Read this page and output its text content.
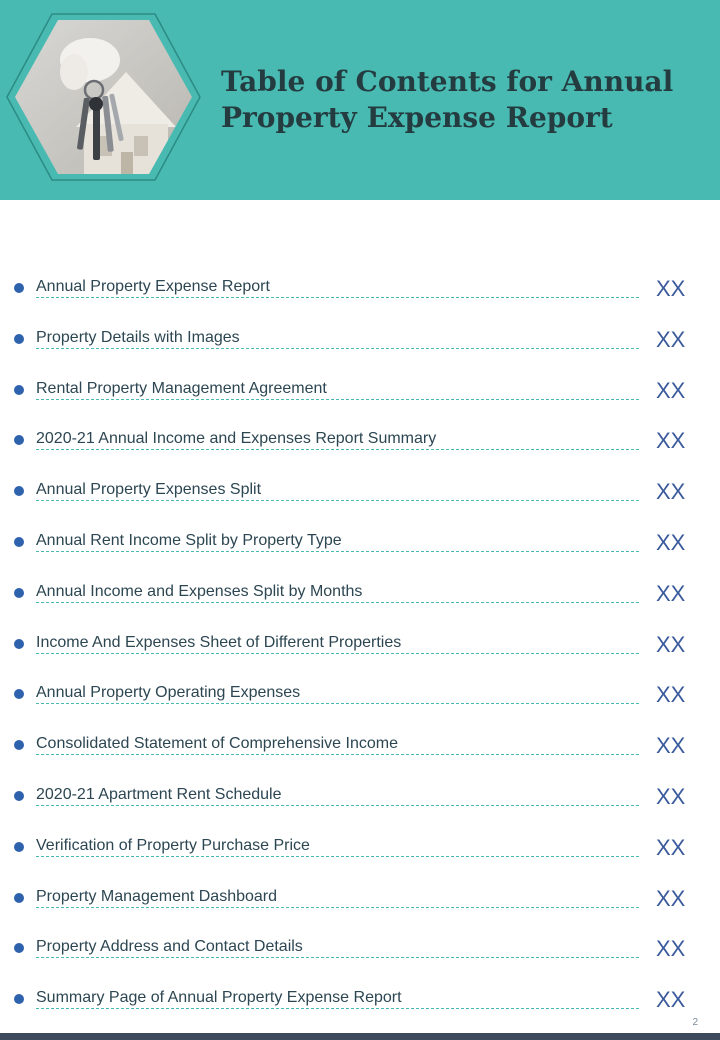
Table of Contents for Annual
Property Expense Report
Annual Property Expense Report	XX
Property Details with Images	XX
Rental Property Management Agreement	XX
2020-21 Annual Income and Expenses Report Summary	XX
Annual Property Expenses Split	XX
Annual Rent Income Split by Property Type	XX
Annual Income and Expenses Split by Months	XX
Income And Expenses Sheet of Different Properties	XX
Annual Property Operating Expenses	XX
Consolidated Statement of Comprehensive Income	XX
2020-21 Apartment Rent Schedule	XX
Verification of Property Purchase Price	XX
Property Management Dashboard	XX
Property Address and Contact Details	XX
Summary Page of Annual Property Expense Report	XX
2
